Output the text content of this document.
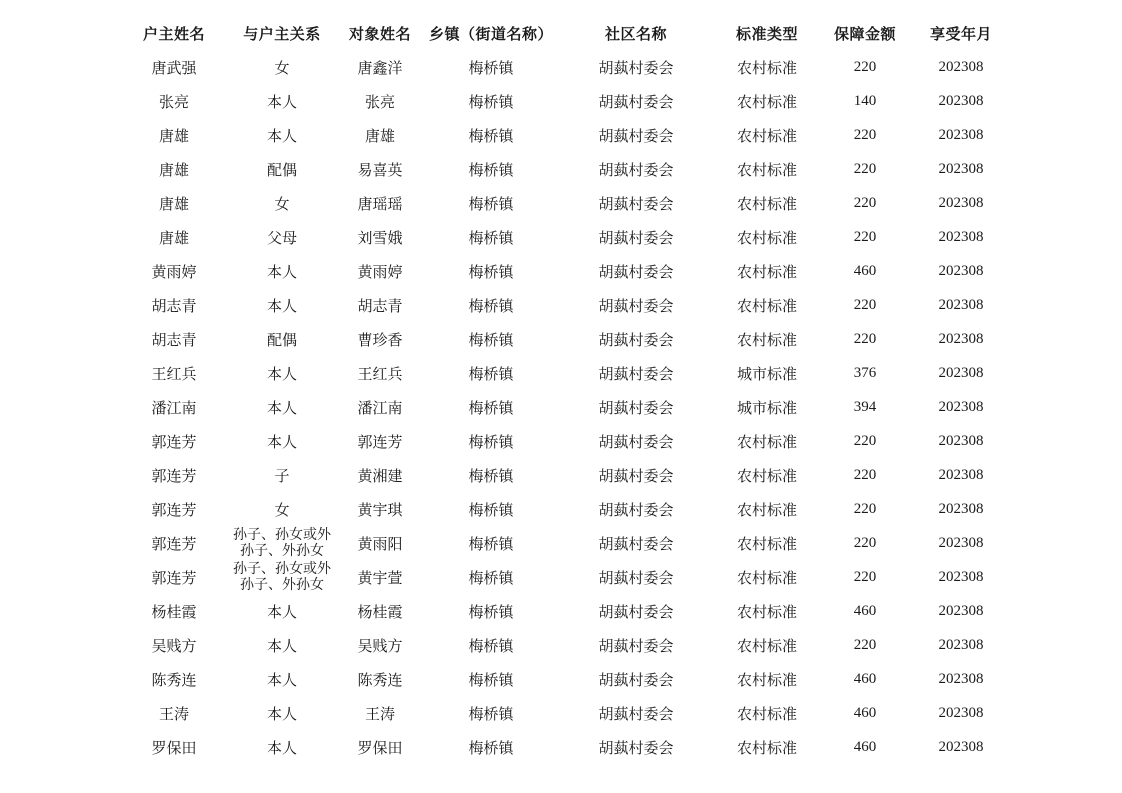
户主姓名	与户主关系	对象姓名	乡镇（街道名称）	社区名称	标准类型	保障金额	享受年月
唐武强	女	唐鑫洋	梅桥镇	胡蓺村委会	农村标准	220	202308
张亮	本人	张亮	梅桥镇	胡蓺村委会	农村标准	140	202308
唐雄	本人	唐雄	梅桥镇	胡蓺村委会	农村标准	220	202308
唐雄	配偶	易喜英	梅桥镇	胡蓺村委会	农村标准	220	202308
唐雄	女	唐瑶瑶	梅桥镇	胡蓺村委会	农村标准	220	202308
唐雄	父母	刘雪娥	梅桥镇	胡蓺村委会	农村标准	220	202308
黄雨婷	本人	黄雨婷	梅桥镇	胡蓺村委会	农村标准	460	202308
胡志青	本人	胡志青	梅桥镇	胡蓺村委会	农村标准	220	202308
胡志青	配偶	曹珍香	梅桥镇	胡蓺村委会	农村标准	220	202308
王红兵	本人	王红兵	梅桥镇	胡蓺村委会	城市标准	376	202308
潘江南	本人	潘江南	梅桥镇	胡蓺村委会	城市标准	394	202308
郭连芳	本人	郭连芳	梅桥镇	胡蓺村委会	农村标准	220	202308
郭连芳	子	黄湘建	梅桥镇	胡蓺村委会	农村标准	220	202308
郭连芳	女	黄宇琪	梅桥镇	胡蓺村委会	农村标准	220	202308
郭连芳	孙子、孙女或外
孙子、外孙女	黄雨阳	梅桥镇	胡蓺村委会	农村标准	220	202308
郭连芳	孙子、孙女或外
孙子、外孙女	黄宇萱	梅桥镇	胡蓺村委会	农村标准	220	202308
杨桂霞	本人	杨桂霞	梅桥镇	胡蓺村委会	农村标准	460	202308
吴贱方	本人	吴贱方	梅桥镇	胡蓺村委会	农村标准	220	202308
陈秀连	本人	陈秀连	梅桥镇	胡蓺村委会	农村标准	460	202308
王涛	本人	王涛	梅桥镇	胡蓺村委会	农村标准	460	202308
罗保田	本人	罗保田	梅桥镇	胡蓺村委会	农村标准	460	202308
